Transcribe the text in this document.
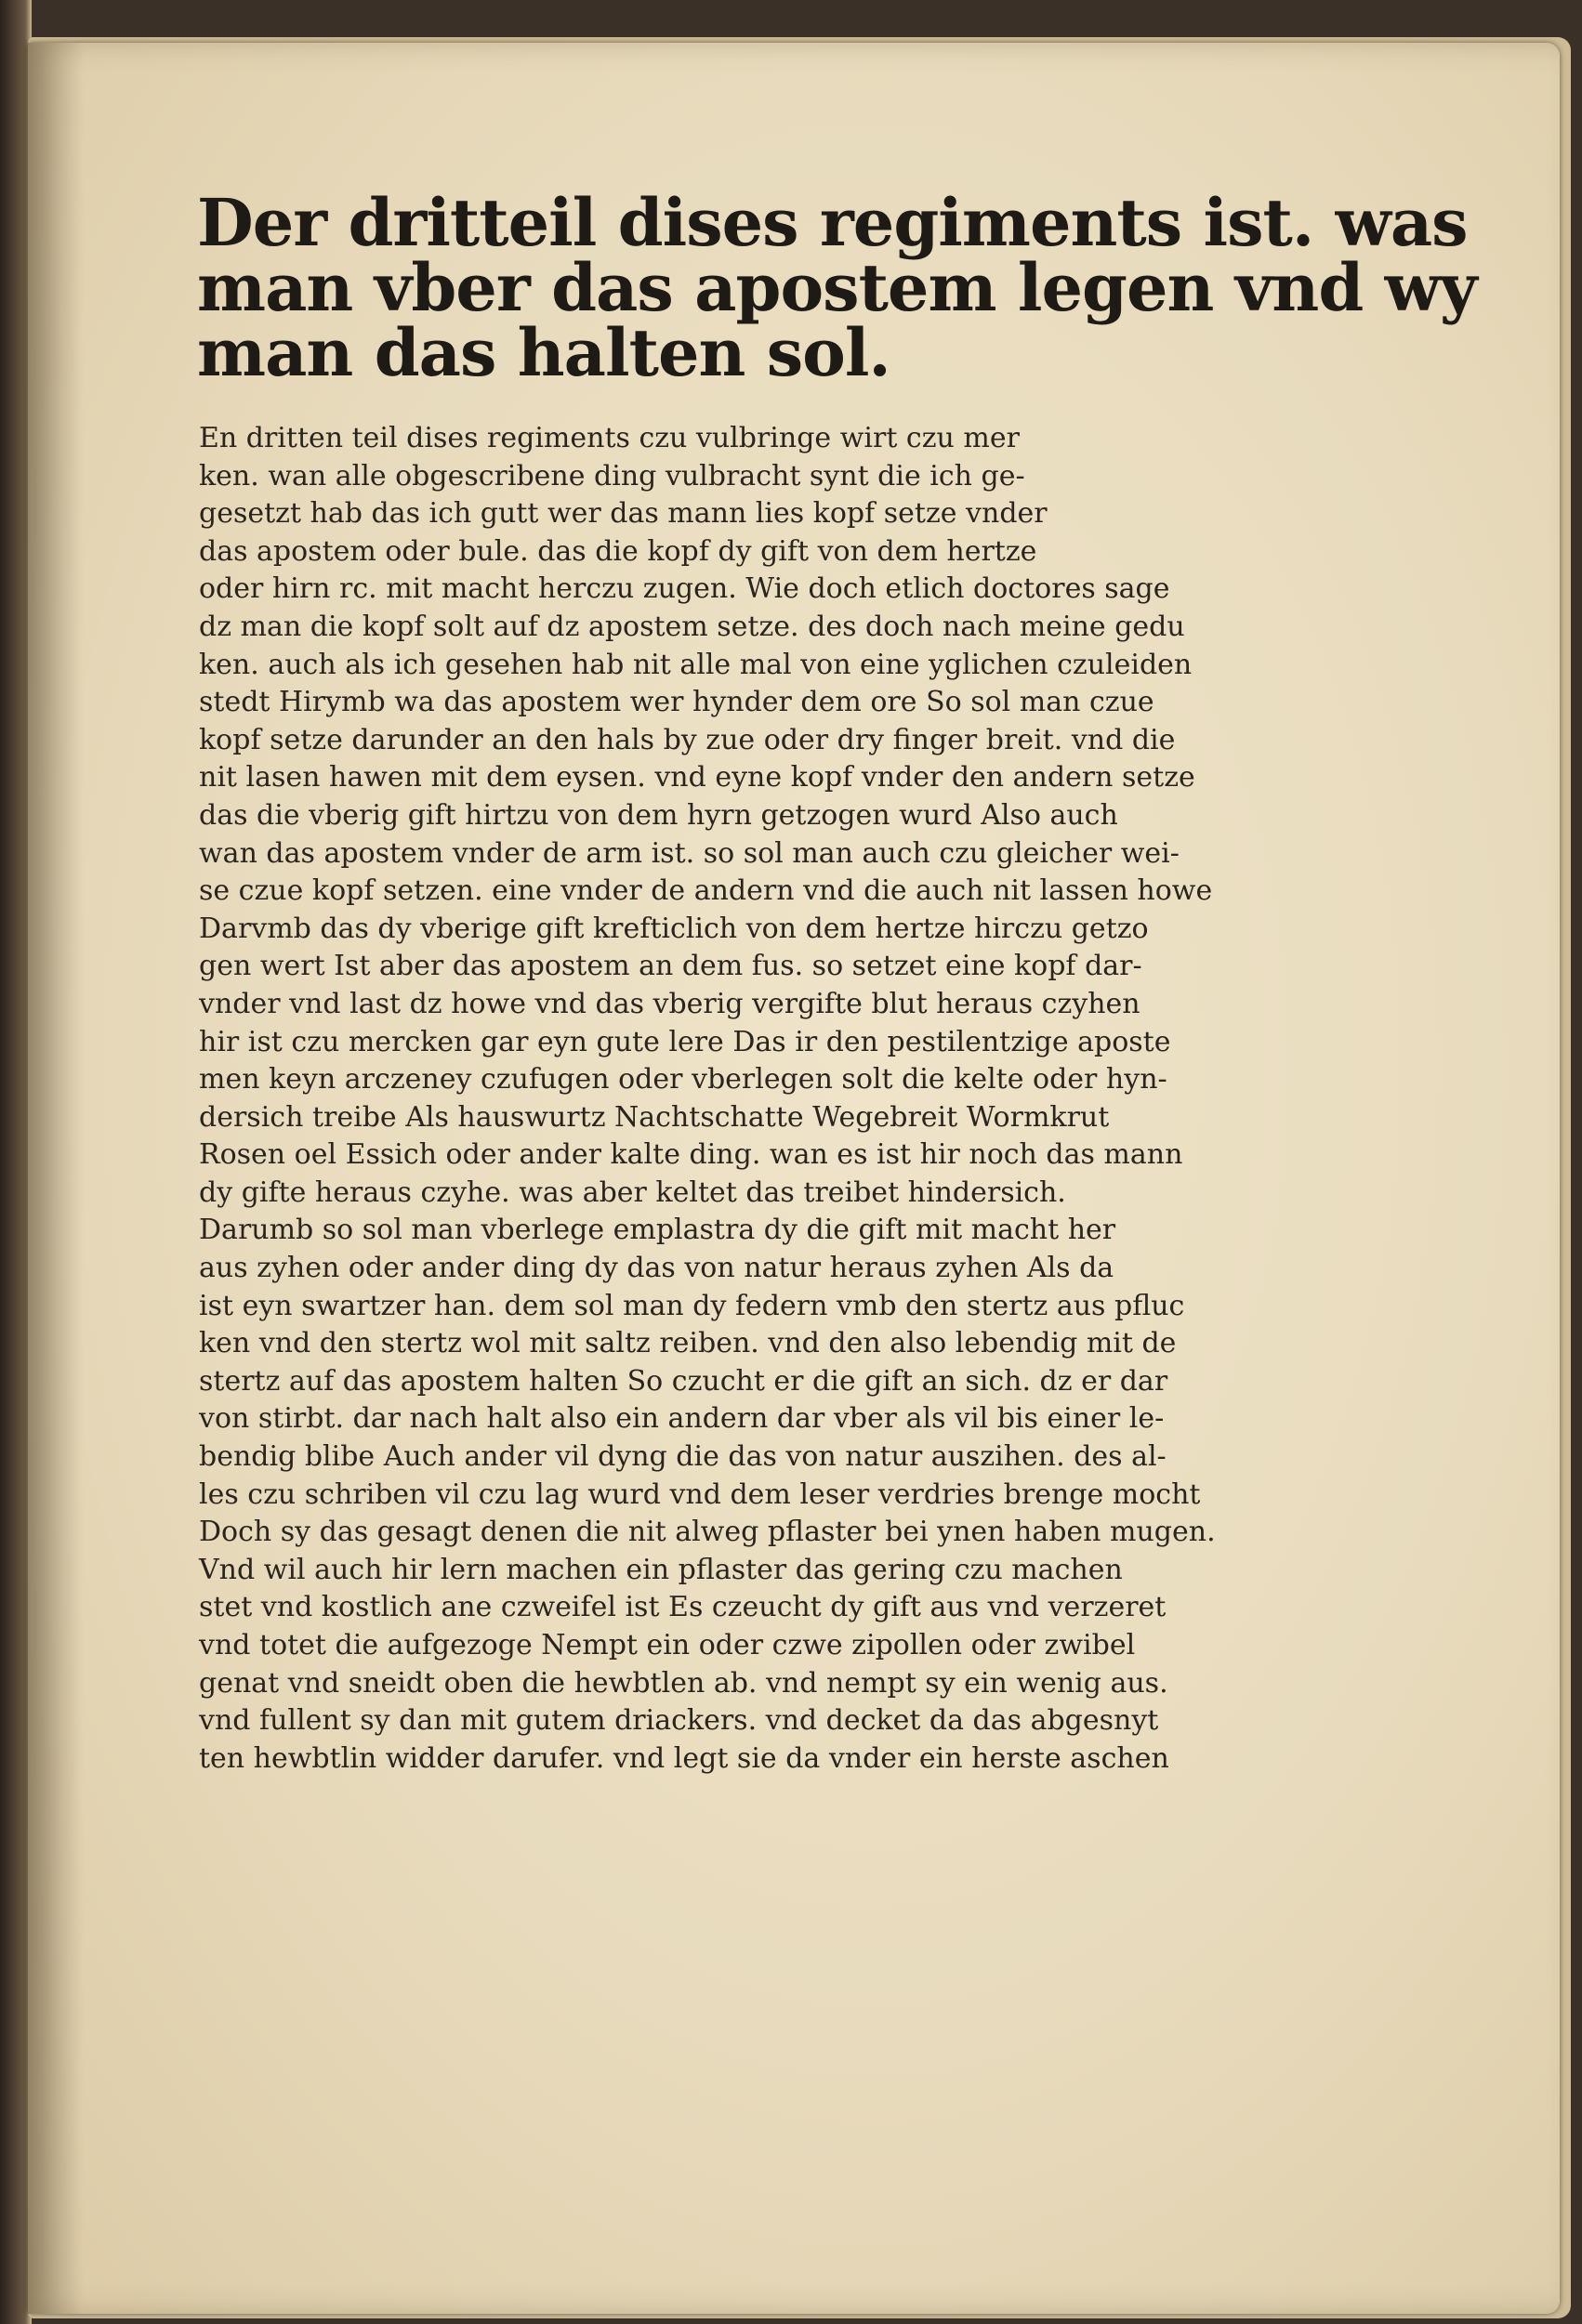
Der dritteil dises regiments ist. was
man vber das apostem legen vnd wy
man das halten sol.
En dritten teil dises regiments czu vulbringe wirt czu mer
ken. wan alle obgescribene ding vulbracht synt die ich ge-
gesetzt hab das ich gutt wer das mann lies kopf setze vnder
das apostem oder bule. das die kopf dy gift von dem hertze
oder hirn rc. mit macht herczu zugen. Wie doch etlich doctores sage
dz man die kopf solt auf dz apostem setze. des doch nach meine gedu
ken. auch als ich gesehen hab nit alle mal von eine yglichen czuleiden
stedt Hirymb wa das apostem wer hynder dem ore So sol man czue
kopf setze darunder an den hals by zue oder dry finger breit. vnd die
nit lasen hawen mit dem eysen. vnd eyne kopf vnder den andern setze
das die vberig gift hirtzu von dem hyrn getzogen wurd Also auch
wan das apostem vnder de arm ist. so sol man auch czu gleicher wei-
se czue kopf setzen. eine vnder de andern vnd die auch nit lassen howe
Darvmb das dy vberige gift krefticlich von dem hertze hirczu getzo
gen wert Ist aber das apostem an dem fus. so setzet eine kopf dar-
vnder vnd last dz howe vnd das vberig vergifte blut heraus czyhen
hir ist czu mercken gar eyn gute lere Das ir den pestilentzige aposte
men keyn arczeney czufugen oder vberlegen solt die kelte oder hyn-
dersich treibe Als hauswurtz Nachtschatte Wegebreit Wormkrut
Rosen oel Essich oder ander kalte ding. wan es ist hir noch das mann
dy gifte heraus czyhe. was aber keltet das treibet hindersich.
Darumb so sol man vberlege emplastra dy die gift mit macht her
aus zyhen oder ander ding dy das von natur heraus zyhen Als da
ist eyn swartzer han. dem sol man dy federn vmb den stertz aus pfluc
ken vnd den stertz wol mit saltz reiben. vnd den also lebendig mit de
stertz auf das apostem halten So czucht er die gift an sich. dz er dar
von stirbt. dar nach halt also ein andern dar vber als vil bis einer le-
bendig blibe Auch ander vil dyng die das von natur auszihen. des al-
les czu schriben vil czu lag wurd vnd dem leser verdries brenge mocht
Doch sy das gesagt denen die nit alweg pflaster bei ynen haben mugen.
Vnd wil auch hir lern machen ein pflaster das gering czu machen
stet vnd kostlich ane czweifel ist Es czeucht dy gift aus vnd verzeret
vnd totet die aufgezoge Nempt ein oder czwe zipollen oder zwibel
genat vnd sneidt oben die hewbtlen ab. vnd nempt sy ein wenig aus.
vnd fullent sy dan mit gutem driackers. vnd decket da das abgesnyt
ten hewbtlin widder darufer. vnd legt sie da vnder ein herste aschen
